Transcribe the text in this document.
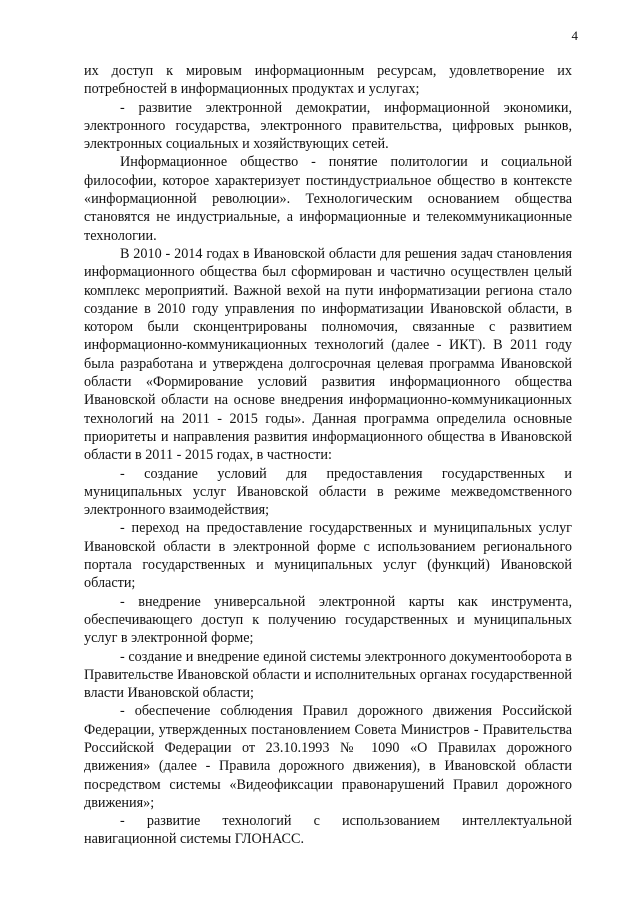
4

их доступ к мировым информационным ресурсам, удовлетворение их потребностей в информационных продуктах и услугах;

- развитие электронной демократии, информационной экономики, электронного государства, электронного правительства, цифровых рынков, электронных социальных и хозяйствующих сетей.

Информационное общество - понятие политологии и социальной философии, которое характеризует постиндустриальное общество в контексте «информационной революции». Технологическим основанием общества становятся не индустриальные, а информационные и телекоммуникационные технологии.

В 2010 - 2014 годах в Ивановской области для решения задач становления информационного общества был сформирован и частично осуществлен целый комплекс мероприятий. Важной вехой на пути информатизации региона стало создание в 2010 году управления по информатизации Ивановской области, в котором были сконцентрированы полномочия, связанные с развитием информационно-коммуникационных технологий (далее - ИКТ). В 2011 году была разработана и утверждена долгосрочная целевая программа Ивановской области «Формирование условий развития информационного общества Ивановской области на основе внедрения информационно-коммуникационных технологий на 2011 - 2015 годы». Данная программа определила основные приоритеты и направления развития информационного общества в Ивановской области в 2011 - 2015 годах, в частности:

- создание условий для предоставления государственных и муниципальных услуг Ивановской области в режиме межведомственного электронного взаимодействия;

- переход на предоставление государственных и муниципальных услуг Ивановской области в электронной форме с использованием регионального портала государственных и муниципальных услуг (функций) Ивановской области;

- внедрение универсальной электронной карты как инструмента, обеспечивающего доступ к получению государственных и муниципальных услуг в электронной форме;

- создание и внедрение единой системы электронного документооборота в Правительстве Ивановской области и исполнительных органах государственной власти Ивановской области;

- обеспечение соблюдения Правил дорожного движения Российской Федерации, утвержденных постановлением Совета Министров - Правительства Российской Федерации от 23.10.1993 № 1090 «О Правилах дорожного движения» (далее - Правила дорожного движения), в Ивановской области посредством системы «Видеофиксации правонарушений Правил дорожного движения»;

- развитие технологий с использованием интеллектуальной навигационной системы ГЛОНАСС.
